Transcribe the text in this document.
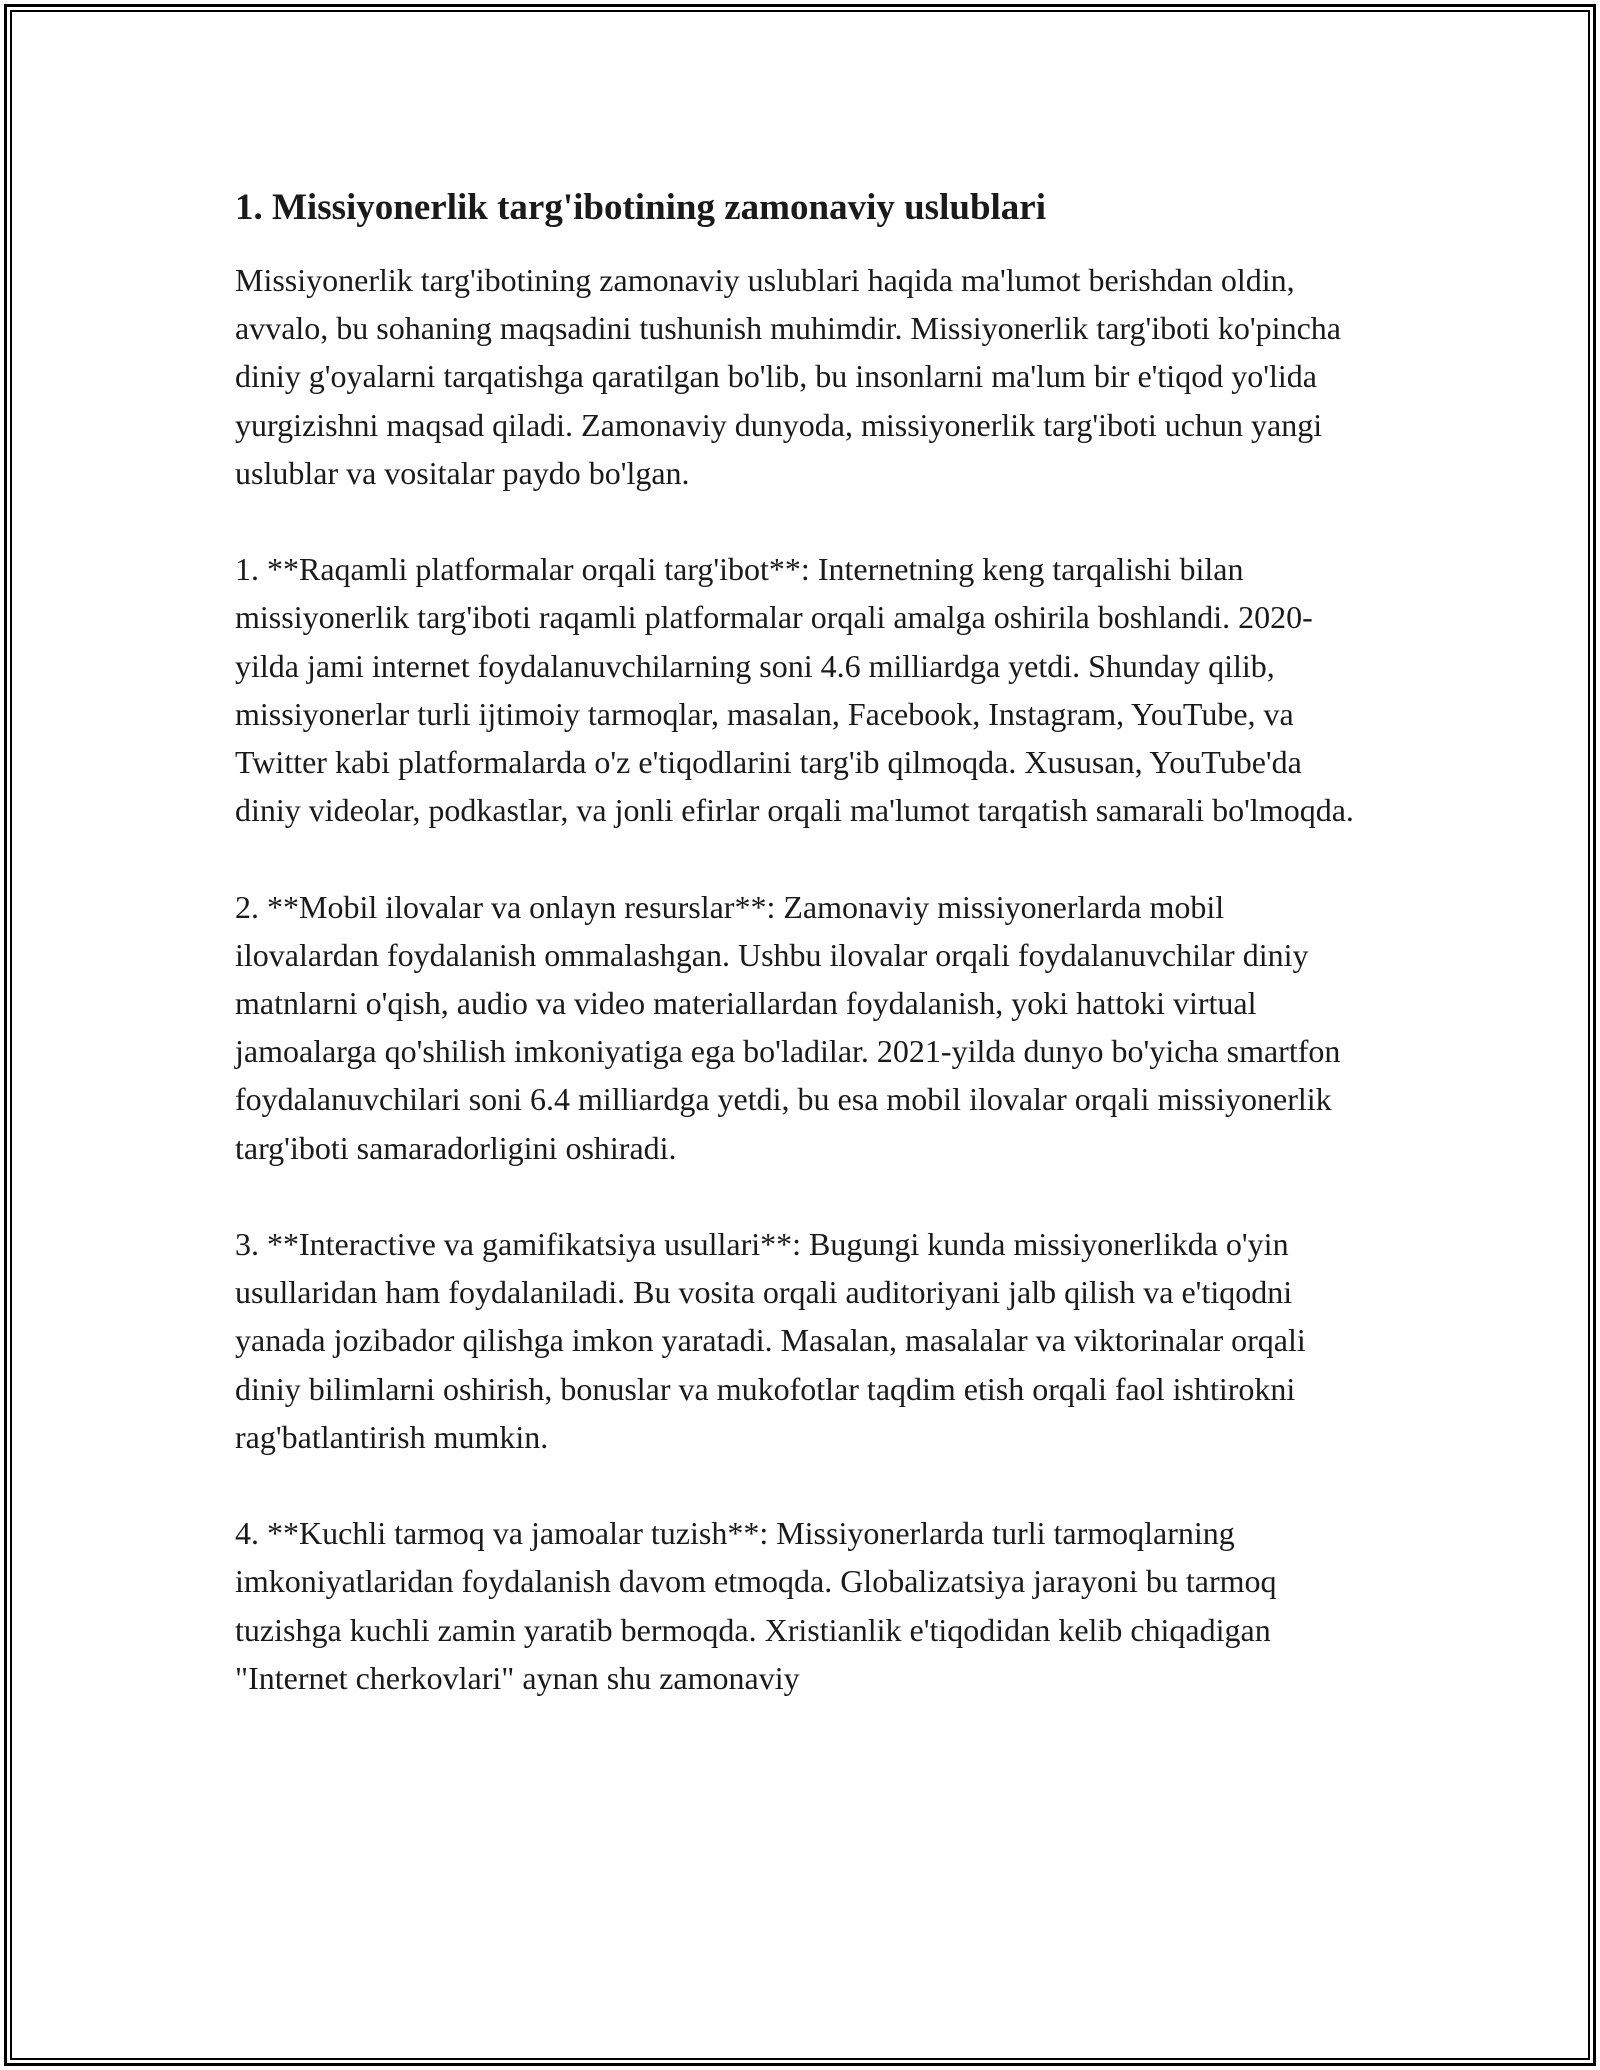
1. Missiyonerlik targ'ibotining zamonaviy uslublari

Missiyonerlik targ'ibotining zamonaviy uslublari haqida ma'lumot berishdan oldin, avvalo, bu sohaning maqsadini tushunish muhimdir. Missiyonerlik targ'iboti ko'pincha diniy g'oyalarni tarqatishga qaratilgan bo'lib, bu insonlarni ma'lum bir e'tiqod yo'lida yurgizishni maqsad qiladi. Zamonaviy dunyoda, missiyonerlik targ'iboti uchun yangi uslublar va vositalar paydo bo'lgan.

1. **Raqamli platformalar orqali targ'ibot**: Internetning keng tarqalishi bilan missiyonerlik targ'iboti raqamli platformalar orqali amalga oshirila boshlandi. 2020-yilda jami internet foydalanuvchilarning soni 4.6 milliardga yetdi. Shunday qilib, missiyonerlar turli ijtimoiy tarmoqlar, masalan, Facebook, Instagram, YouTube, va Twitter kabi platformalarda o'z e'tiqodlarini targ'ib qilmoqda. Xususan, YouTube'da diniy videolar, podkastlar, va jonli efirlar orqali ma'lumot tarqatish samarali bo'lmoqda.

2. **Mobil ilovalar va onlayn resurslar**: Zamonaviy missiyonerlarda mobil ilovalardan foydalanish ommalashgan. Ushbu ilovalar orqali foydalanuvchilar diniy matnlarni o'qish, audio va video materiallardan foydalanish, yoki hattoki virtual jamoalarga qo'shilish imkoniyatiga ega bo'ladilar. 2021-yilda dunyo bo'yicha smartfon foydalanuvchilari soni 6.4 milliardga yetdi, bu esa mobil ilovalar orqali missiyonerlik targ'iboti samaradorligini oshiradi.

3. **Interactive va gamifikatsiya usullari**: Bugungi kunda missiyonerlikda o'yin usullaridan ham foydalaniladi. Bu vosita orqali auditoriyani jalb qilish va e'tiqodni yanada jozibador qilishga imkon yaratadi. Masalan, masalalar va viktorinalar orqali diniy bilimlarni oshirish, bonuslar va mukofotlar taqdim etish orqali faol ishtirokni rag'batlantirish mumkin.

4. **Kuchli tarmoq va jamoalar tuzish**: Missiyonerlarda turli tarmoqlarning imkoniyatlaridan foydalanish davom etmoqda. Globalizatsiya jarayoni bu tarmoq tuzishga kuchli zamin yaratib bermoqda. Xristianlik e'tiqodidan kelib chiqadigan "Internet cherkovlari" aynan shu zamonaviy
